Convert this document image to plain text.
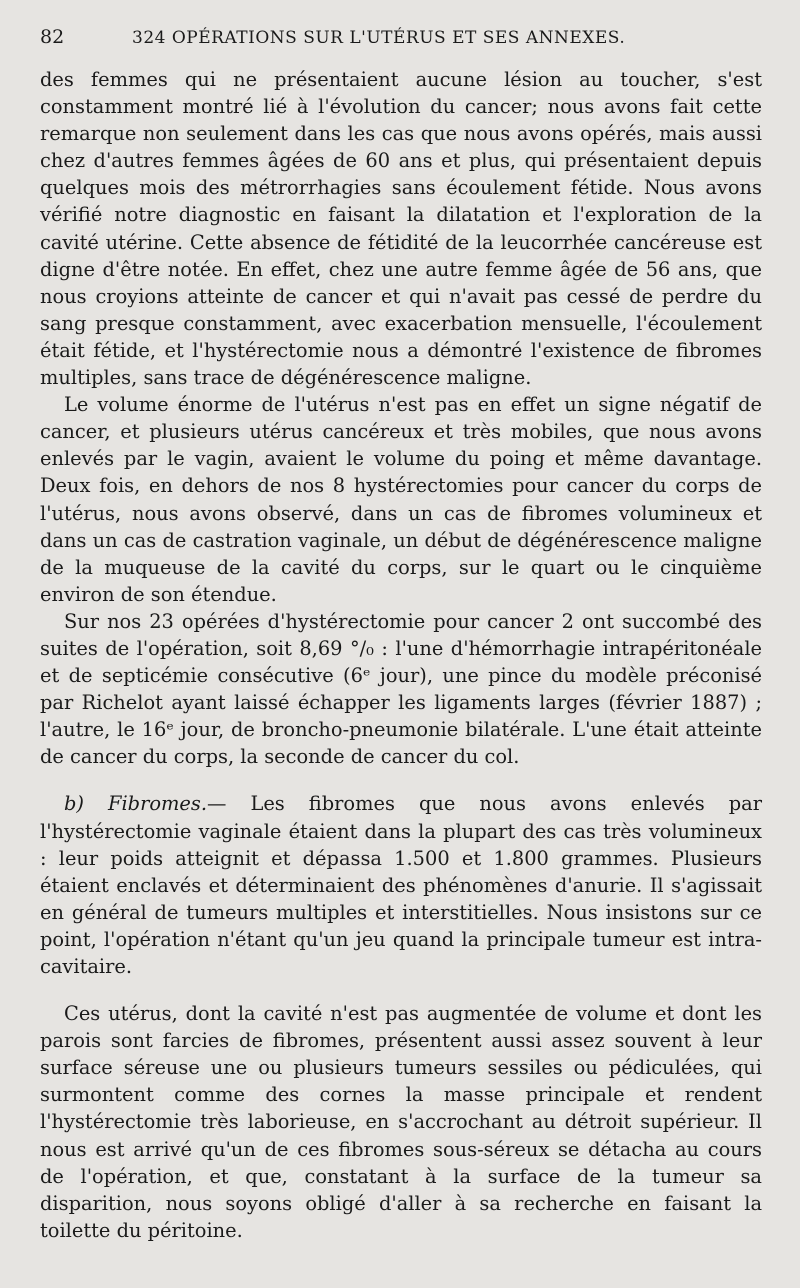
82	324 OPÉRATIONS SUR L'UTÉRUS ET SES ANNEXES.

des femmes qui ne présentaient aucune lésion au toucher, s'est constamment montré lié à l'évolution du cancer; nous avons fait cette remarque non seulement dans les cas que nous avons opérés, mais aussi chez d'autres femmes âgées de 60 ans et plus, qui présentaient depuis quelques mois des métrorrhagies sans écoulement fétide. Nous avons vérifié notre diagnostic en faisant la dilatation et l'exploration de la cavité utérine. Cette absence de fétidité de la leucorrhée cancéreuse est digne d'être notée. En effet, chez une autre femme âgée de 56 ans, que nous croyions atteinte de cancer et qui n'avait pas cessé de perdre du sang presque constamment, avec exacerbation mensuelle, l'écoulement était fétide, et l'hystérectomie nous a démontré l'existence de fibromes multiples, sans trace de dégénérescence maligne.

Le volume énorme de l'utérus n'est pas en effet un signe négatif de cancer, et plusieurs utérus cancéreux et très mobiles, que nous avons enlevés par le vagin, avaient le volume du poing et même davantage. Deux fois, en dehors de nos 8 hystérectomies pour cancer du corps de l'utérus, nous avons observé, dans un cas de fibromes volumineux et dans un cas de castration vaginale, un début de dégénérescence maligne de la muqueuse de la cavité du corps, sur le quart ou le cinquième environ de son étendue.

Sur nos 23 opérées d'hystérectomie pour cancer 2 ont succombé des suites de l'opération, soit 8,69 °/₀ : l'une d'hémorrhagie intrapéritonéale et de septicémie consécutive (6ᵉ jour), une pince du modèle préconisé par Richelot ayant laissé échapper les ligaments larges (février 1887) ; l'autre, le 16ᵉ jour, de broncho-pneumonie bilatérale. L'une était atteinte de cancer du corps, la seconde de cancer du col.

b) Fibromes.— Les fibromes que nous avons enlevés par l'hystérectomie vaginale étaient dans la plupart des cas très volumineux : leur poids atteignit et dépassa 1.500 et 1.800 grammes. Plusieurs étaient enclavés et déterminaient des phénomènes d'anurie. Il s'agissait en général de tumeurs multiples et interstitielles. Nous insistons sur ce point, l'opération n'étant qu'un jeu quand la principale tumeur est intra-cavitaire.

Ces utérus, dont la cavité n'est pas augmentée de volume et dont les parois sont farcies de fibromes, présentent aussi assez souvent à leur surface séreuse une ou plusieurs tumeurs sessiles ou pédiculées, qui surmontent comme des cornes la masse principale et rendent l'hystérectomie très laborieuse, en s'accrochant au détroit supérieur. Il nous est arrivé qu'un de ces fibromes sous-séreux se détacha au cours de l'opération, et que, constatant à la surface de la tumeur sa disparition, nous soyons obligé d'aller à sa recherche en faisant la toilette du péritoine.
